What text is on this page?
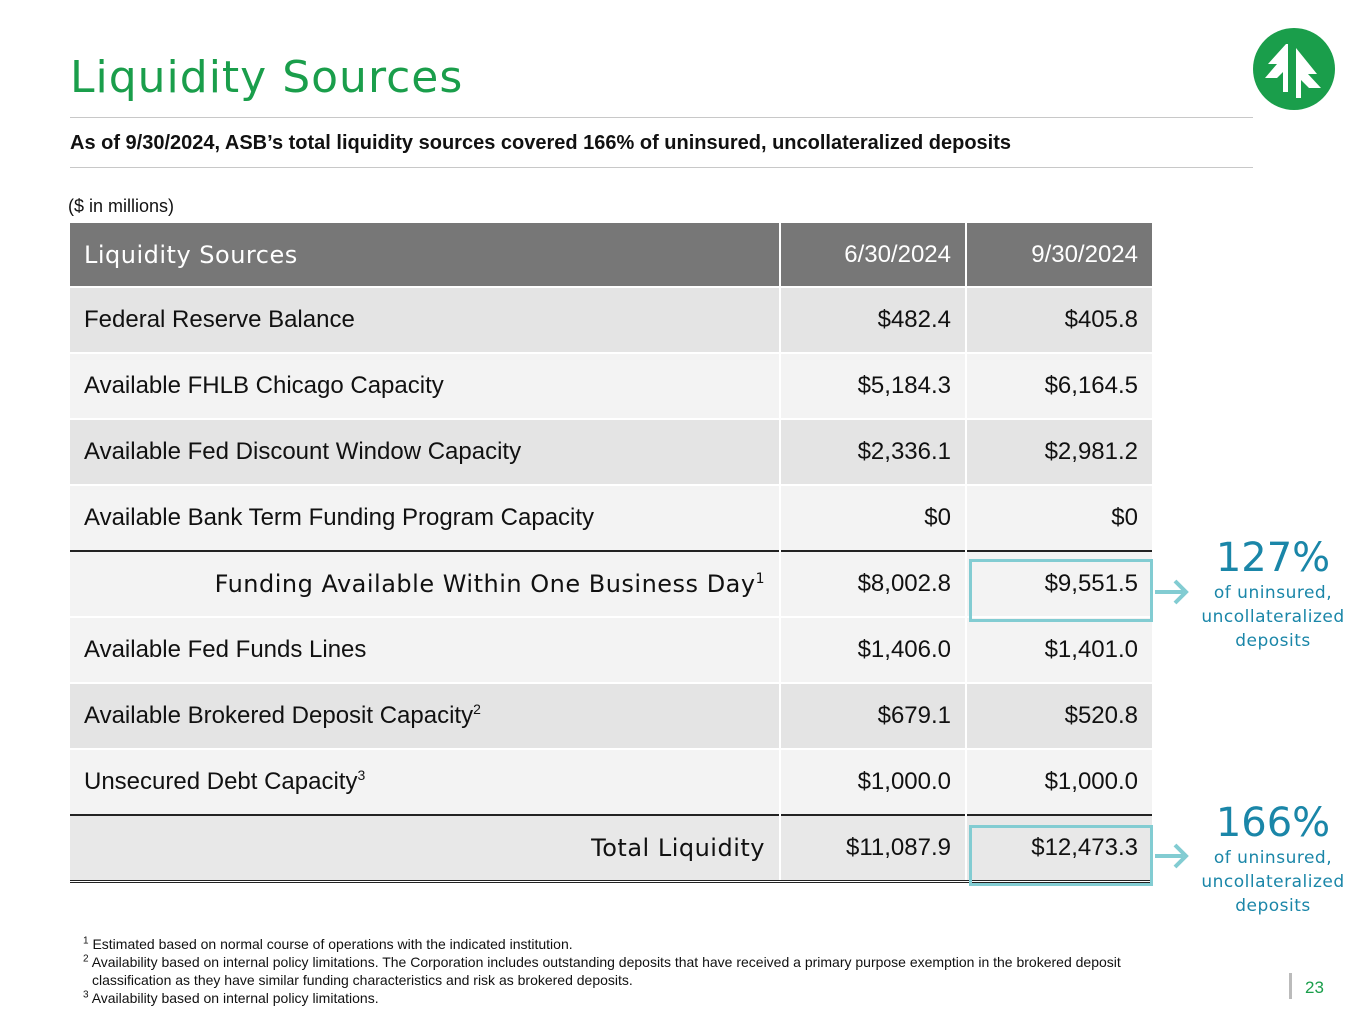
Liquidity Sources
As of 9/30/2024, ASB’s total liquidity sources covered 166% of uninsured, uncollateralized deposits
($ in millions)
Liquidity Sources	6/30/2024	9/30/2024
Federal Reserve Balance	$482.4	$405.8
Available FHLB Chicago Capacity	$5,184.3	$6,164.5
Available Fed Discount Window Capacity	$2,336.1	$2,981.2
Available Bank Term Funding Program Capacity	$0	$0
Funding Available Within One Business Day$^1$	$8,002.8	$9,551.5
Available Fed Funds Lines	$1,406.0	$1,401.0
Available Brokered Deposit Capacity$^2$	$679.1	$520.8
Unsecured Debt Capacity$^3$	$1,000.0	$1,000.0
Total Liquidity	$11,087.9	$12,473.3
127%
of uninsured,
uncollateralized
deposits
166%
of uninsured,
uncollateralized
deposits

$^1$ Estimated based on normal course of operations with the indicated institution.

$^2$ Availability based on internal policy limitations. The Corporation includes outstanding deposits that have received a primary purpose exemption in the brokered deposit

classification as they have similar funding characteristics and risk as brokered deposits.

$^3$ Availability based on internal policy limitations.

23
